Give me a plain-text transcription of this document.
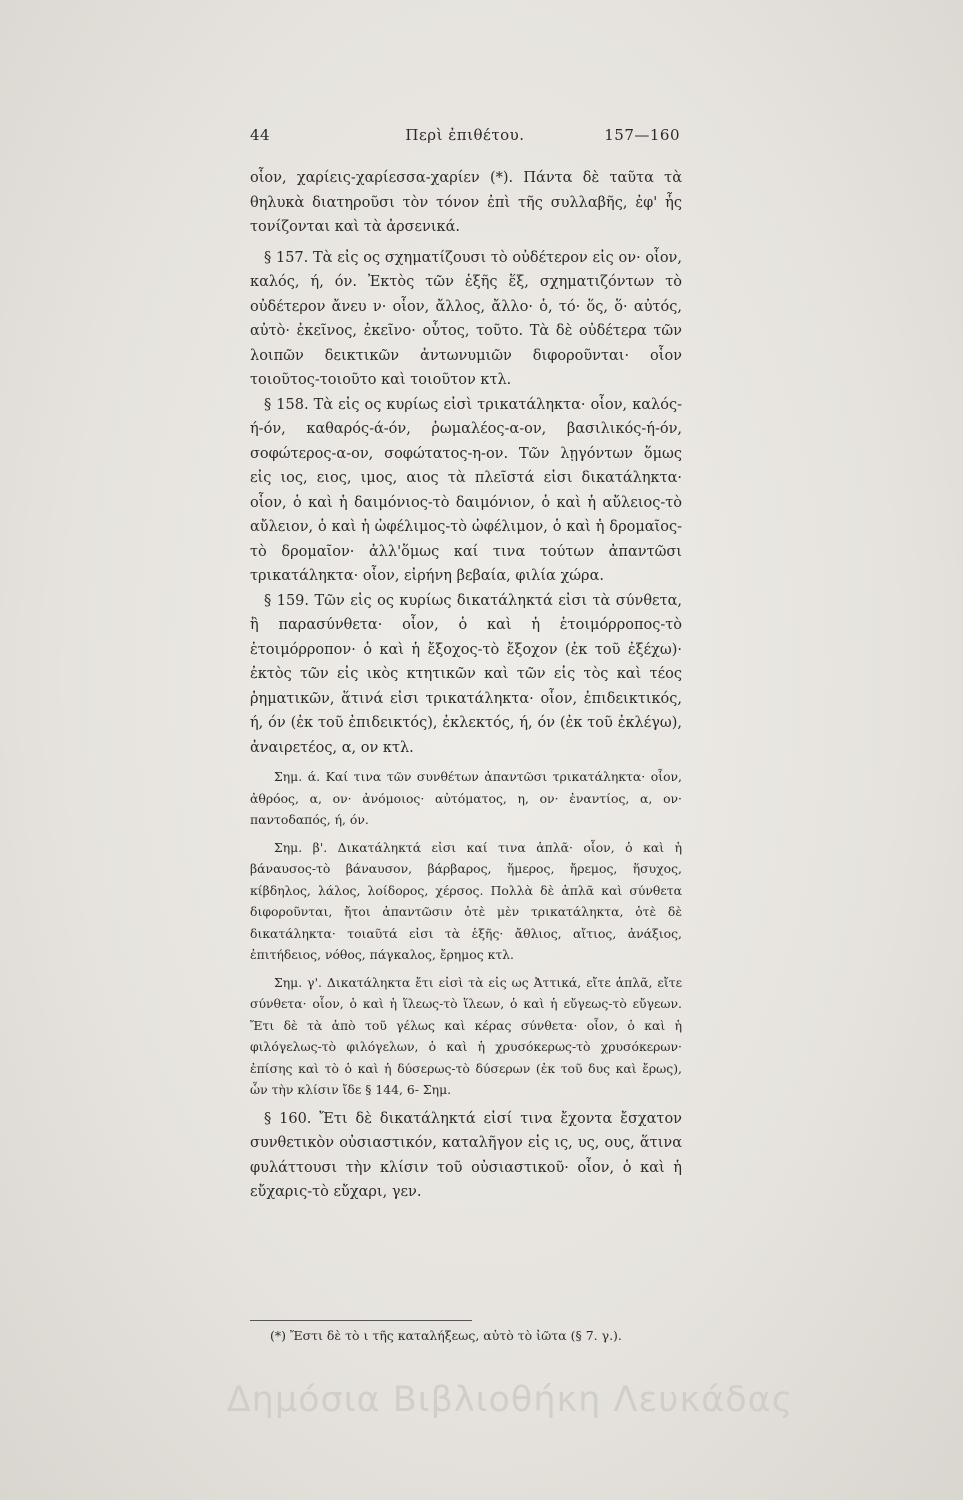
44	Περὶ ἐπιθέτου.	157—160

οἷον, χαρίεις-χαρίεσσα-χαρίεν (*). Πάντα δὲ ταῦτα τὰ θηλυκὰ διατηροῦσι τὸν τόνον ἐπὶ τῆς συλλαβῆς, ἐφ' ἧς τονίζονται καὶ τὰ ἀρσενικά.

§ 157. Τὰ εἰς ος σχηματίζουσι τὸ οὐδέτερον εἰς ον· οἷον, καλός, ή, όν. Ἐκτὸς τῶν ἑξῆς ἕξ, σχηματιζόντων τὸ οὐδέτερον ἄνευ ν· οἷον, ἄλλος, ἄλλο· ὁ, τό· ὅς, ὅ· αὐτός, αὐτὸ· ἐκεῖνος, ἐκεῖνο· οὗτος, τοῦτο. Τὰ δὲ οὐδέτερα τῶν λοιπῶν δεικτικῶν ἀντωνυμιῶν διφοροῦνται· οἷον τοιοῦτος-τοιοῦτο καὶ τοιοῦτον κτλ.

§ 158. Τὰ εἰς ος κυρίως εἰσὶ τρικατάληκτα· οἷον, καλός-ή-όν, καθαρός-ά-όν, ῥωμαλέος-α-ον, βασιλικός-ή-όν, σοφώτερος-α-ον, σοφώτατος-η-ον. Τῶν λῃγόντων ὅμως εἰς ιος, ειος, ιμος, αιος τὰ πλεῖστά εἰσι δικατάληκτα· οἷον, ὁ καὶ ἡ δαιμόνιος-τὸ δαιμόνιον, ὁ καὶ ἡ αὔλειος-τὸ αὔλειον, ὁ καὶ ἡ ὠφέλιμος-τὸ ὠφέλιμον, ὁ καὶ ἡ δρομαῖος-τὸ δρομαῖον· ἀλλ'ὅμως καί τινα τούτων ἀπαντῶσι τρικατάληκτα· οἷον, εἰρήνη βεβαία, φιλία χώρα.

§ 159. Τῶν εἰς ος κυρίως δικατάληκτά εἰσι τὰ σύνθετα, ἢ παρασύνθετα· οἷον, ὁ καὶ ἡ ἑτοιμόρροπος-τὸ ἑτοιμόρροπον· ὁ καὶ ἡ ἔξοχος-τὸ ἔξοχον (ἐκ τοῦ ἐξέχω)· ἐκτὸς τῶν εἰς ικὸς κτητικῶν καὶ τῶν εἰς τὸς καὶ τέος ῥηματικῶν, ἅτινά εἰσι τρικατάληκτα· οἷον, ἐπιδεικτικός, ή, όν (ἐκ τοῦ ἐπιδεικτός), ἐκλεκτός, ή, όν (ἐκ τοῦ ἐκλέγω), ἀναιρετέος, α, ον κτλ.

Σημ. ά. Καί τινα τῶν συνθέτων ἀπαντῶσι τρικατάληκτα· οἷον, ἀθρόος, α, ον· ἀνόμοιος· αὐτόματος, η, ον· ἐναντίος, α, ον· παντοδαπός, ή, όν.

Σημ. β'. Δικατάληκτά εἰσι καί τινα ἁπλᾶ· οἷον, ὁ καὶ ἡ βάναυσος-τὸ βάναυσον, βάρβαρος, ἥμερος, ἤρεμος, ἥσυχος, κίβδηλος, λάλος, λοίδορος, χέρσος. Πολλὰ δὲ ἁπλᾶ καὶ σύνθετα διφοροῦνται, ἤτοι ἀπαντῶσιν ὁτὲ μὲν τρικατάληκτα, ὁτὲ δὲ δικατάληκτα· τοιαῦτά εἰσι τὰ ἑξῆς· ἄθλιος, αἴτιος, ἀνάξιος, ἐπιτήδειος, νόθος, πάγκαλος, ἔρημος κτλ.

Σημ. γ'. Δικατάληκτα ἔτι εἰσὶ τὰ εἰς ως Ἀττικά, εἴτε ἁπλᾶ, εἴτε σύνθετα· οἷον, ὁ καὶ ἡ ἵλεως-τὸ ἵλεων, ὁ καὶ ἡ εὔγεως-τὸ εὔγεων. Ἔτι δὲ τὰ ἀπὸ τοῦ γέλως καὶ κέρας σύνθετα· οἷον, ὁ καὶ ἡ φιλόγελως-τὸ φιλόγελων, ὁ καὶ ἡ χρυσόκερως-τὸ χρυσόκερων· ἐπίσης καὶ τὸ ὁ καὶ ἡ δύσερως-τὸ δύσερων (ἐκ τοῦ δυς καὶ ἔρως), ὧν τὴν κλίσιν ἴδε § 144, 6- Σημ.

§ 160. Ἔτι δὲ δικατάληκτά εἰσί τινα ἔχοντα ἔσχατον συνθετικὸν οὐσιαστικόν, καταλῆγον εἰς ις, υς, ους, ἅτινα φυλάττουσι τὴν κλίσιν τοῦ οὐσιαστικοῦ· οἷον, ὁ καὶ ἡ εὔχαρις-τὸ εὔχαρι, γεν.

(*) Ἔστι δὲ τὸ ι τῆς καταλήξεως, αὐτὸ τὸ ἰῶτα (§ 7. γ.).
Δημόσια Βιβλιοθήκη Λευκάδας
